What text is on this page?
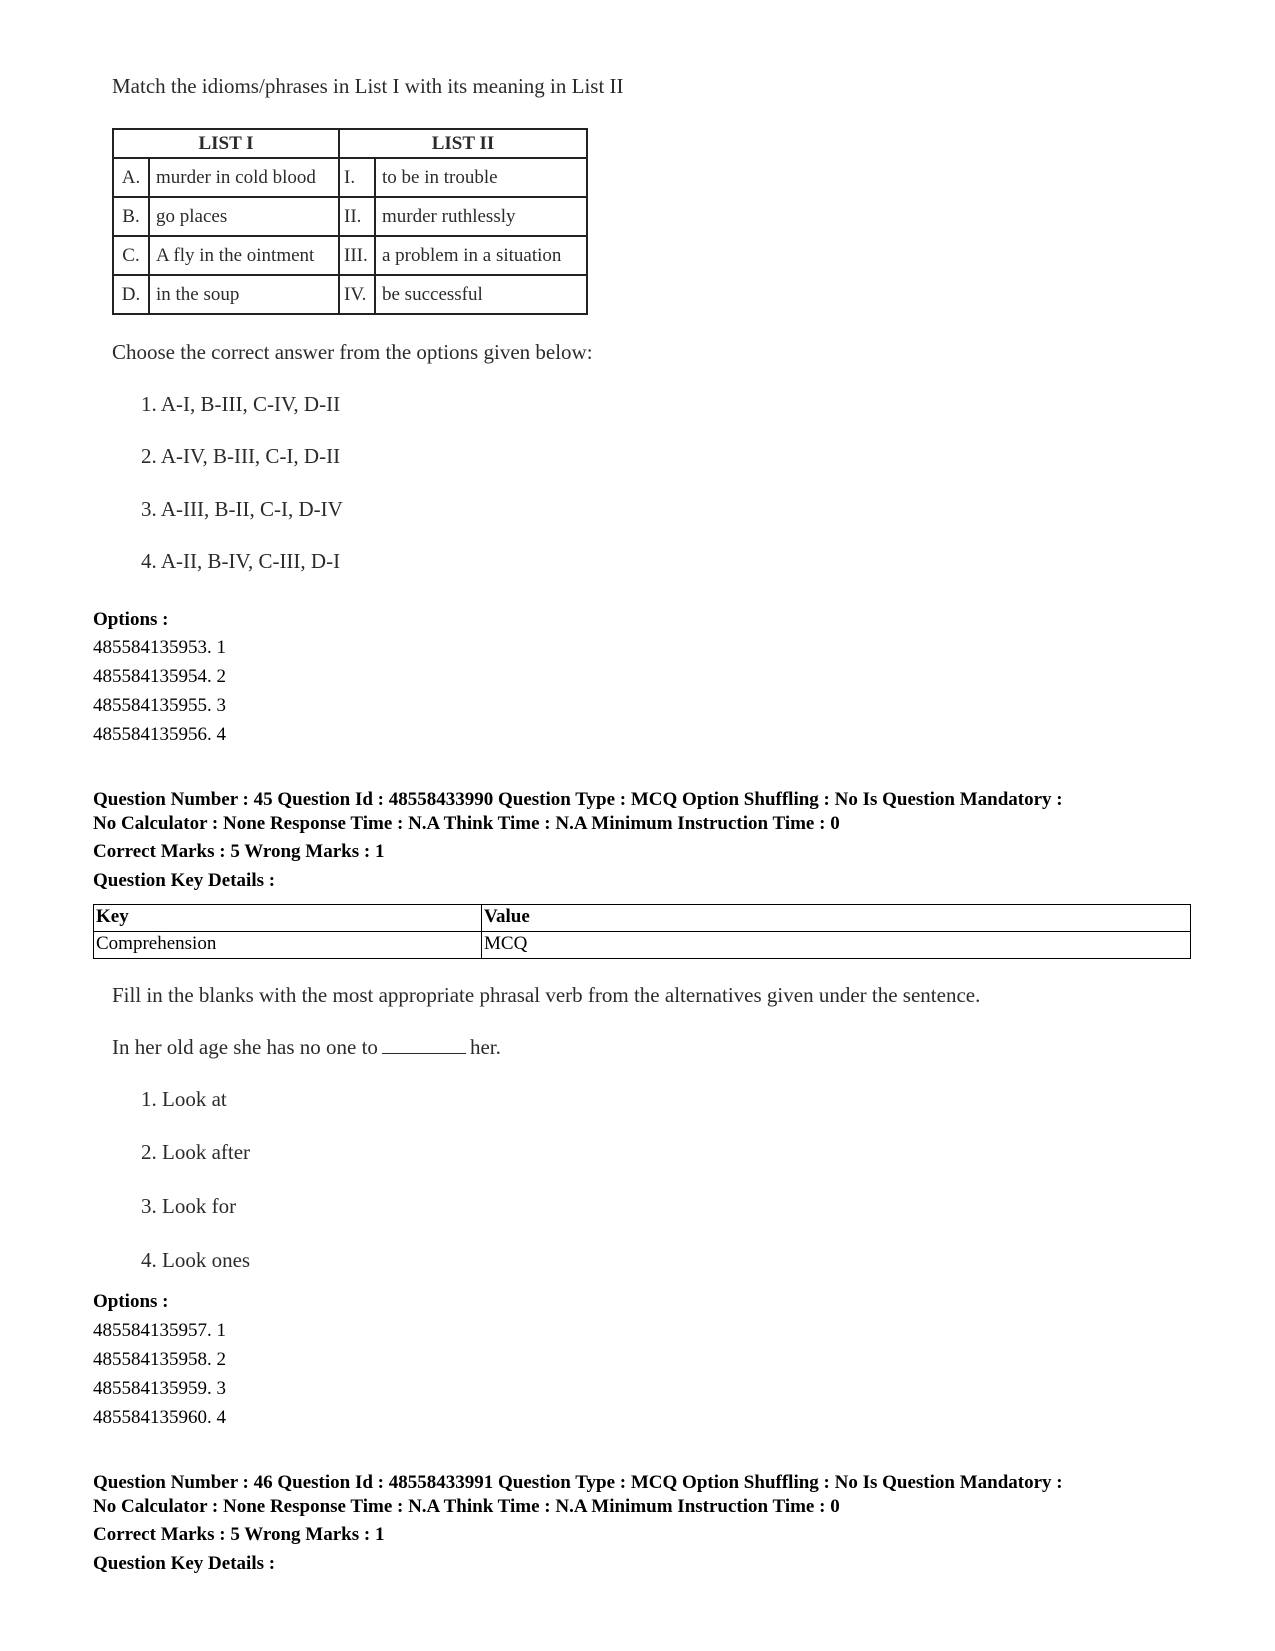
Match the idioms/phrases in List I with its meaning in List II
LIST I		LIST II	
A.	murder in cold blood	I.	to be in trouble
B.	go places	II.	murder ruthlessly
C.	A fly in the ointment	III.	a problem in a situation
D.	in the soup	IV.	be successful
Choose the correct answer from the options given below:
1. A-I, B-III, C-IV, D-II
2. A-IV, B-III, C-I, D-II
3. A-III, B-II, C-I, D-IV
4. A-II, B-IV, C-III, D-I
Options :
485584135953. 1
485584135954. 2
485584135955. 3
485584135956. 4
Question Number : 45 Question Id : 48558433990 Question Type : MCQ Option Shuffling : No Is Question Mandatory :
No Calculator : None Response Time : N.A Think Time : N.A Minimum Instruction Time : 0
Correct Marks : 5 Wrong Marks : 1
Question Key Details :
Key	Value
Comprehension	MCQ
Fill in the blanks with the most appropriate phrasal verb from the alternatives given under the sentence.
In her old age she has no one to	her.
1. Look at
2. Look after
3. Look for
4. Look ones
Options :
485584135957. 1
485584135958. 2
485584135959. 3
485584135960. 4
Question Number : 46 Question Id : 48558433991 Question Type : MCQ Option Shuffling : No Is Question Mandatory :
No Calculator : None Response Time : N.A Think Time : N.A Minimum Instruction Time : 0
Correct Marks : 5 Wrong Marks : 1
Question Key Details :
